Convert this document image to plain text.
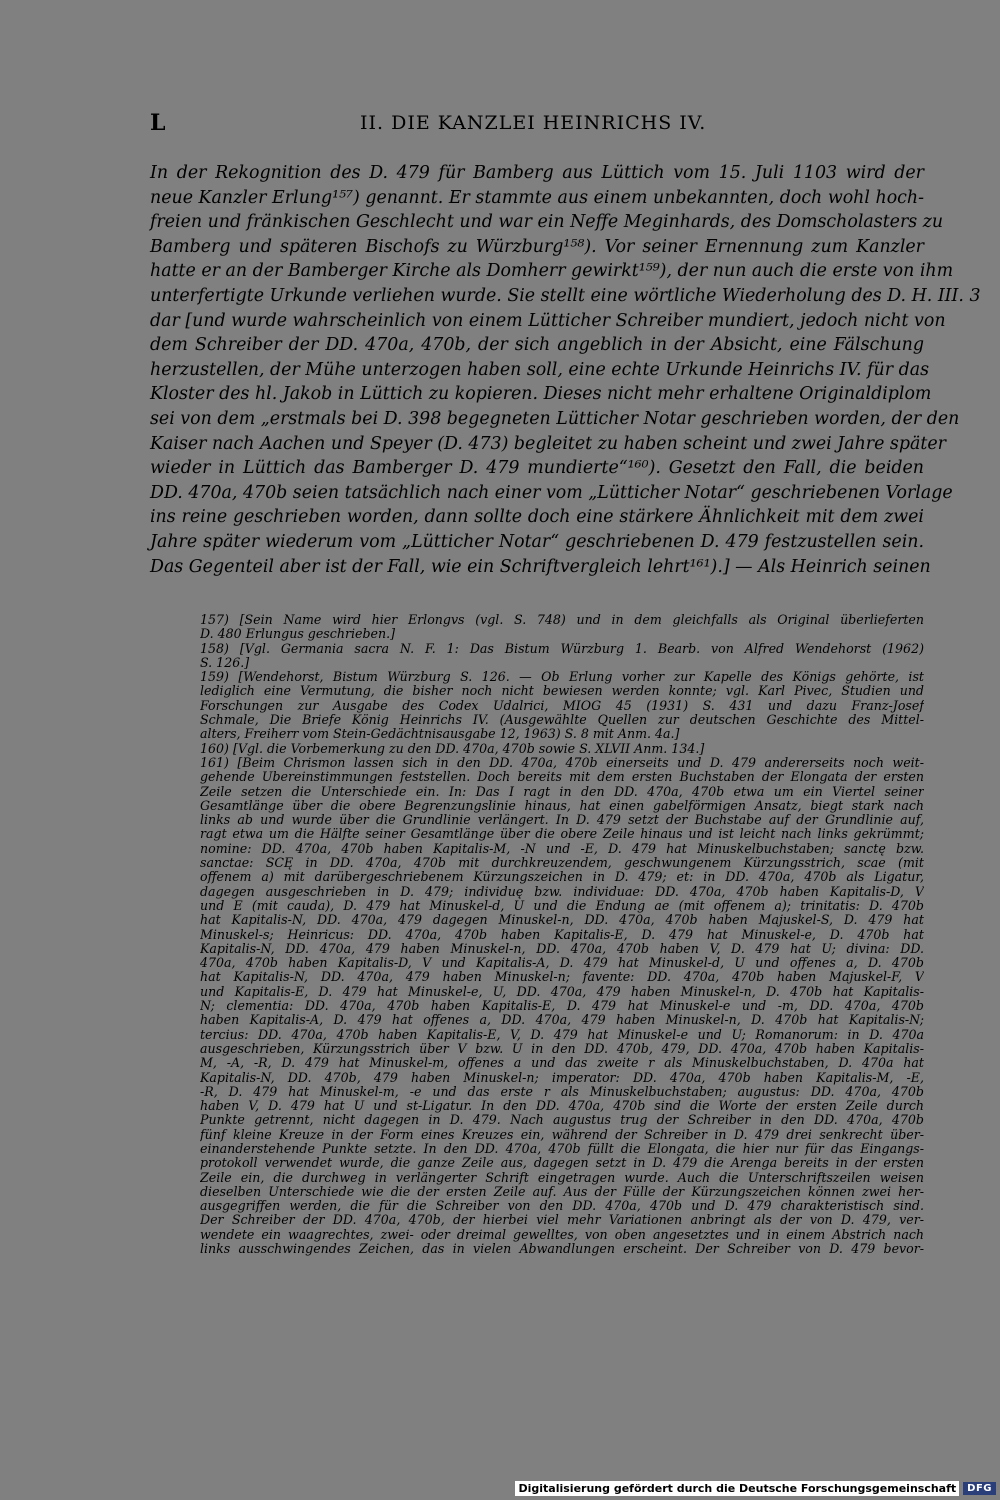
L	II. DIE KANZLEI HEINRICHS IV.
In der Rekognition des D. 479 für Bamberg aus Lüttich vom 15. Juli 1103 wird der
neue Kanzler Erlung¹⁵⁷) genannt. Er stammte aus einem unbekannten, doch wohl hoch-
freien und fränkischen Geschlecht und war ein Neffe Meginhards, des Domscholasters zu
Bamberg und späteren Bischofs zu Würzburg¹⁵⁸). Vor seiner Ernennung zum Kanzler
hatte er an der Bamberger Kirche als Domherr gewirkt¹⁵⁹), der nun auch die erste von ihm
unterfertigte Urkunde verliehen wurde. Sie stellt eine wörtliche Wiederholung des D. H. III. 3
dar [und wurde wahrscheinlich von einem Lütticher Schreiber mundiert, jedoch nicht von
dem Schreiber der DD. 470a, 470b, der sich angeblich in der Absicht, eine Fälschung
herzustellen, der Mühe unterzogen haben soll, eine echte Urkunde Heinrichs IV. für das
Kloster des hl. Jakob in Lüttich zu kopieren. Dieses nicht mehr erhaltene Originaldiplom
sei von dem „erstmals bei D. 398 begegneten Lütticher Notar geschrieben worden, der den
Kaiser nach Aachen und Speyer (D. 473) begleitet zu haben scheint und zwei Jahre später
wieder in Lüttich das Bamberger D. 479 mundierte“¹⁶⁰). Gesetzt den Fall, die beiden
DD. 470a, 470b seien tatsächlich nach einer vom „Lütticher Notar“ geschriebenen Vorlage
ins reine geschrieben worden, dann sollte doch eine stärkere Ähnlichkeit mit dem zwei
Jahre später wiederum vom „Lütticher Notar“ geschriebenen D. 479 festzustellen sein.
Das Gegenteil aber ist der Fall, wie ein Schriftvergleich lehrt¹⁶¹).] — Als Heinrich seinen
157) [Sein Name wird hier Erlongvs (vgl. S. 748) und in dem gleichfalls als Original überlieferten
D. 480 Erlungus geschrieben.]
158) [Vgl. Germania sacra N. F. 1: Das Bistum Würzburg 1. Bearb. von Alfred Wendehorst (1962)
S. 126.]
159) [Wendehorst, Bistum Würzburg S. 126. — Ob Erlung vorher zur Kapelle des Königs gehörte, ist
lediglich eine Vermutung, die bisher noch nicht bewiesen werden konnte; vgl. Karl Pivec, Studien und
Forschungen zur Ausgabe des Codex Udalrici, MIÖG 45 (1931) S. 431 und dazu Franz-Josef
Schmale, Die Briefe König Heinrichs IV. (Ausgewählte Quellen zur deutschen Geschichte des Mittel-
alters, Freiherr vom Stein-Gedächtnisausgabe 12, 1963) S. 8 mit Anm. 4a.]
160) [Vgl. die Vorbemerkung zu den DD. 470a, 470b sowie S. XLVII Anm. 134.]
161) [Beim Chrismon lassen sich in den DD. 470a, 470b einerseits und D. 479 andererseits noch weit-
gehende Übereinstimmungen feststellen. Doch bereits mit dem ersten Buchstaben der Elongata der ersten
Zeile setzen die Unterschiede ein. In: Das I ragt in den DD. 470a, 470b etwa um ein Viertel seiner
Gesamtlänge über die obere Begrenzungslinie hinaus, hat einen gabelförmigen Ansatz, biegt stark nach
links ab und wurde über die Grundlinie verlängert. In D. 479 setzt der Buchstabe auf der Grundlinie auf,
ragt etwa um die Hälfte seiner Gesamtlänge über die obere Zeile hinaus und ist leicht nach links gekrümmt;
nomine: DD. 470a, 470b haben Kapitalis-M, -N und -E, D. 479 hat Minuskelbuchstaben; sanctę bzw.
sanctae: SCĘ in DD. 470a, 470b mit durchkreuzendem, geschwungenem Kürzungsstrich, scae (mit
offenem a) mit darübergeschriebenem Kürzungszeichen in D. 479; et: in DD. 470a, 470b als Ligatur,
dagegen ausgeschrieben in D. 479; individuę bzw. individuae: DD. 470a, 470b haben Kapitalis-D, V
und E (mit cauda), D. 479 hat Minuskel-d, U und die Endung ae (mit offenem a); trinitatis: D. 470b
hat Kapitalis-N, DD. 470a, 479 dagegen Minuskel-n, DD. 470a, 470b haben Majuskel-S, D. 479 hat
Minuskel-s; Heinricus: DD. 470a, 470b haben Kapitalis-E, D. 479 hat Minuskel-e, D. 470b hat
Kapitalis-N, DD. 470a, 479 haben Minuskel-n, DD. 470a, 470b haben V, D. 479 hat U; divina: DD.
470a, 470b haben Kapitalis-D, V und Kapitalis-A, D. 479 hat Minuskel-d, U und offenes a, D. 470b
hat Kapitalis-N, DD. 470a, 479 haben Minuskel-n; favente: DD. 470a, 470b haben Majuskel-F, V
und Kapitalis-E, D. 479 hat Minuskel-e, U, DD. 470a, 479 haben Minuskel-n, D. 470b hat Kapitalis-
N; clementia: DD. 470a, 470b haben Kapitalis-E, D. 479 hat Minuskel-e und -m, DD. 470a, 470b
haben Kapitalis-A, D. 479 hat offenes a, DD. 470a, 479 haben Minuskel-n, D. 470b hat Kapitalis-N;
tercius: DD. 470a, 470b haben Kapitalis-E, V, D. 479 hat Minuskel-e und U; Romanorum: in D. 470a
ausgeschrieben, Kürzungsstrich über V bzw. U in den DD. 470b, 479, DD. 470a, 470b haben Kapitalis-
M, -A, -R, D. 479 hat Minuskel-m, offenes a und das zweite r als Minuskelbuchstaben, D. 470a hat
Kapitalis-N, DD. 470b, 479 haben Minuskel-n; imperator: DD. 470a, 470b haben Kapitalis-M, -E,
-R, D. 479 hat Minuskel-m, -e und das erste r als Minuskelbuchstaben; augustus: DD. 470a, 470b
haben V, D. 479 hat U und st-Ligatur. In den DD. 470a, 470b sind die Worte der ersten Zeile durch
Punkte getrennt, nicht dagegen in D. 479. Nach augustus trug der Schreiber in den DD. 470a, 470b
fünf kleine Kreuze in der Form eines Kreuzes ein, während der Schreiber in D. 479 drei senkrecht über-
einanderstehende Punkte setzte. In den DD. 470a, 470b füllt die Elongata, die hier nur für das Eingangs-
protokoll verwendet wurde, die ganze Zeile aus, dagegen setzt in D. 479 die Arenga bereits in der ersten
Zeile ein, die durchweg in verlängerter Schrift eingetragen wurde. Auch die Unterschriftszeilen weisen
dieselben Unterschiede wie die der ersten Zeile auf. Aus der Fülle der Kürzungszeichen können zwei her-
ausgegriffen werden, die für die Schreiber von den DD. 470a, 470b und D. 479 charakteristisch sind.
Der Schreiber der DD. 470a, 470b, der hierbei viel mehr Variationen anbringt als der von D. 479, ver-
wendete ein waagrechtes, zwei- oder dreimal gewelltes, von oben angesetztes und in einem Abstrich nach
links ausschwingendes Zeichen, das in vielen Abwandlungen erscheint. Der Schreiber von D. 479 bevor-
Digitalisierung gefördert durch die Deutsche Forschungsgemeinschaft	DFG
